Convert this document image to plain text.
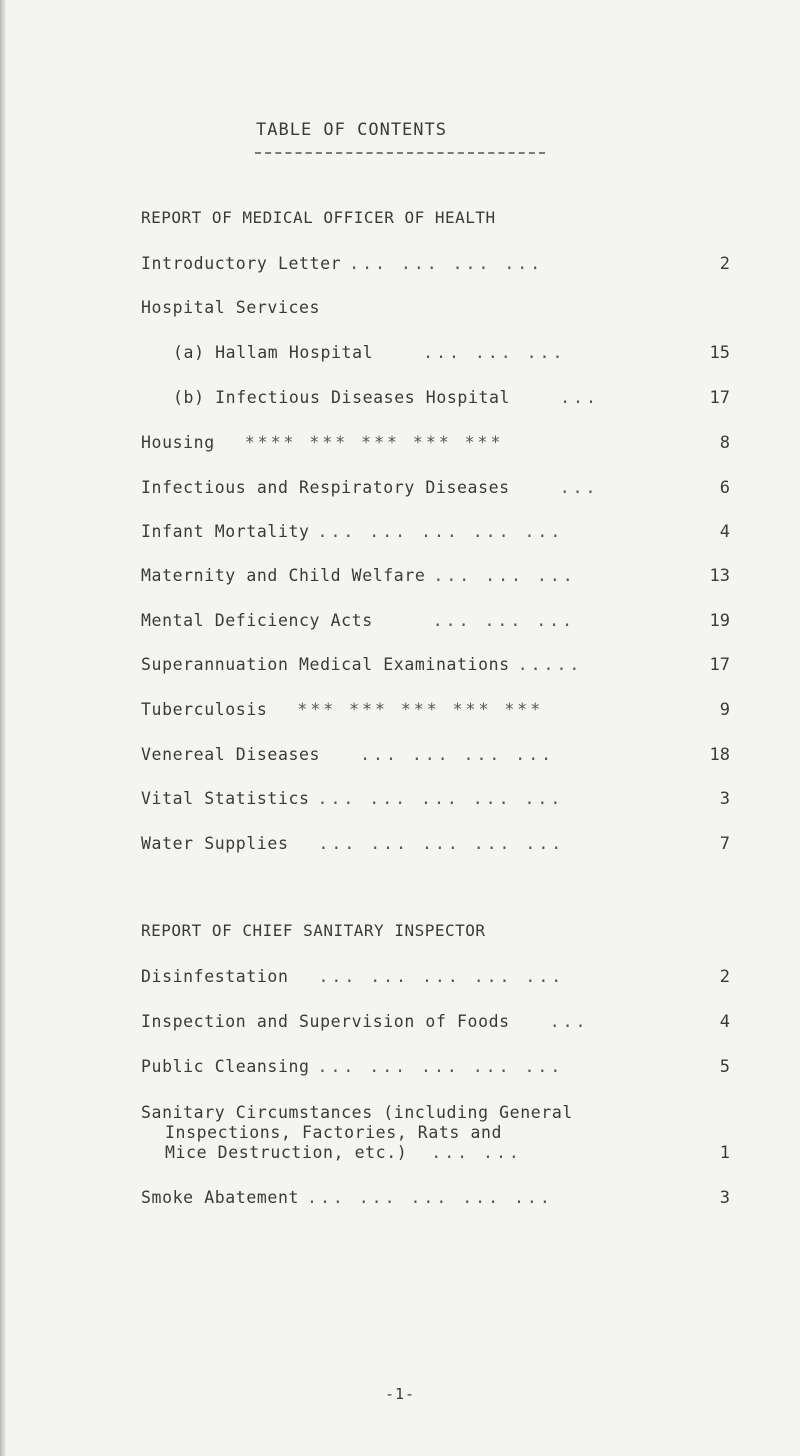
TABLE OF CONTENTS
REPORT OF MEDICAL OFFICER OF HEALTH
Introductory Letter ... ... ... ...	2
Hospital Services
(a) Hallam Hospital	... ... ...	15
(b) Infectious Diseases Hospital	...	17
Housing **** *** *** *** ***	8
Infectious and Respiratory Diseases	...	6
Infant Mortality ... ... ... ... ...	4
Maternity and Child Welfare ... ... ...	13
Mental Deficiency Acts	... ... ...	19
Superannuation Medical Examinations .....	17
Tuberculosis *** *** *** *** ***	9
Venereal Diseases ... ... ... ...	18
Vital Statistics ... ... ... ... ...	3
Water Supplies ... ... ... ... ...	7
REPORT OF CHIEF SANITARY INSPECTOR
Disinfestation ... ... ... ... ...	2
Inspection and Supervision of Foods ...	4
Public Cleansing ... ... ... ... ...	5
Sanitary Circumstances (including General
Inspections, Factories, Rats and
Mice Destruction, etc.) ... ...	1
Smoke Abatement ... ... ... ... ...	3
-1-
